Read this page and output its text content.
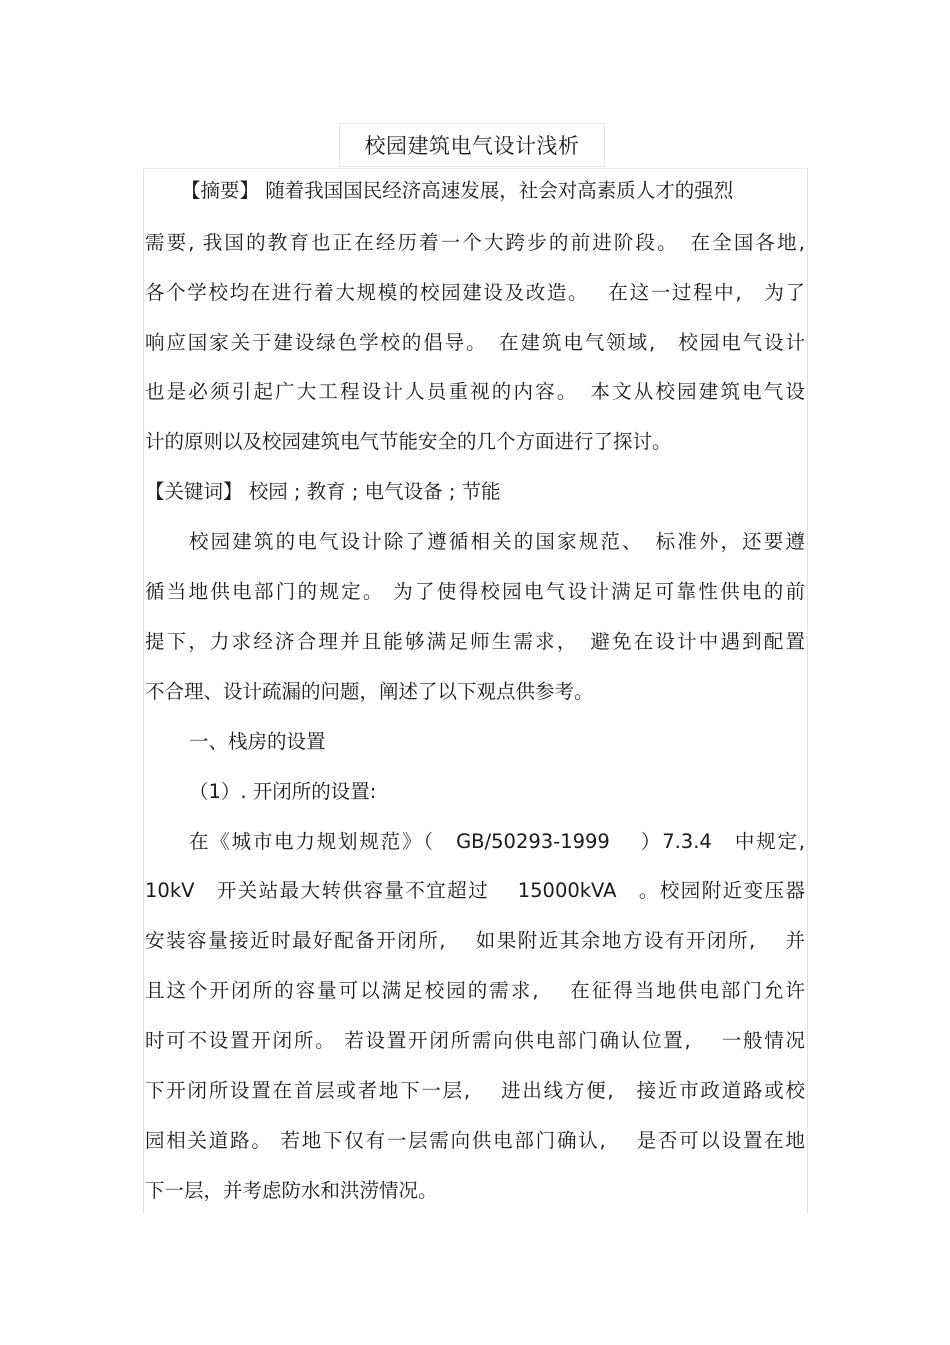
校园建筑电气设计浅析
【摘要】 随着我国国民经济高速发展，社会对高素质人才的强烈
需要, 我国的教育也正在经历着一个大跨步的前进阶段。　在全国各地,
各个学校均在进行着大规模的校园建设及改造。　 在这一过程中,　为了
响应国家关于建设绿色学校的倡导。　在建筑电气领域,　校园电气设计
也是必须引起广大工程设计人员重视的内容。　本文从校园建筑电气设
计的原则以及校园建筑电气节能安全的几个方面进行了探讨。
【关键词】 校园 ; 教育 ; 电气设备 ; 节能
校园建筑的电气设计除了遵循相关的国家规范、　标准外，还要遵
循当地供电部门的规定。 为了使得校园电气设计满足可靠性供电的前
提下，力求经济合理并且能够满足师生需求，　避免在设计中遇到配置
不合理、设计疏漏的问题，阐述了以下观点供参考。
一、栈房的设置
（1）. 开闭所的设置:
在《城市电力规划规范》（　GB/50293-1999　 ）7.3.4　中规定,
10kV　开关站最大转供容量不宜超过　 15000kVA　。校园附近变压器
安装容量接近时最好配备开闭所,　 如果附近其余地方设有开闭所,　 并
且这个开闭所的容量可以满足校园的需求,　 在征得当地供电部门允许
时可不设置开闭所。 若设置开闭所需向供电部门确认位置,　 一般情况
下开闭所设置在首层或者地下一层,　 进出线方便,　接近市政道路或校
园相关道路。 若地下仅有一层需向供电部门确认,　 是否可以设置在地
下一层，并考虑防水和洪涝情况。
